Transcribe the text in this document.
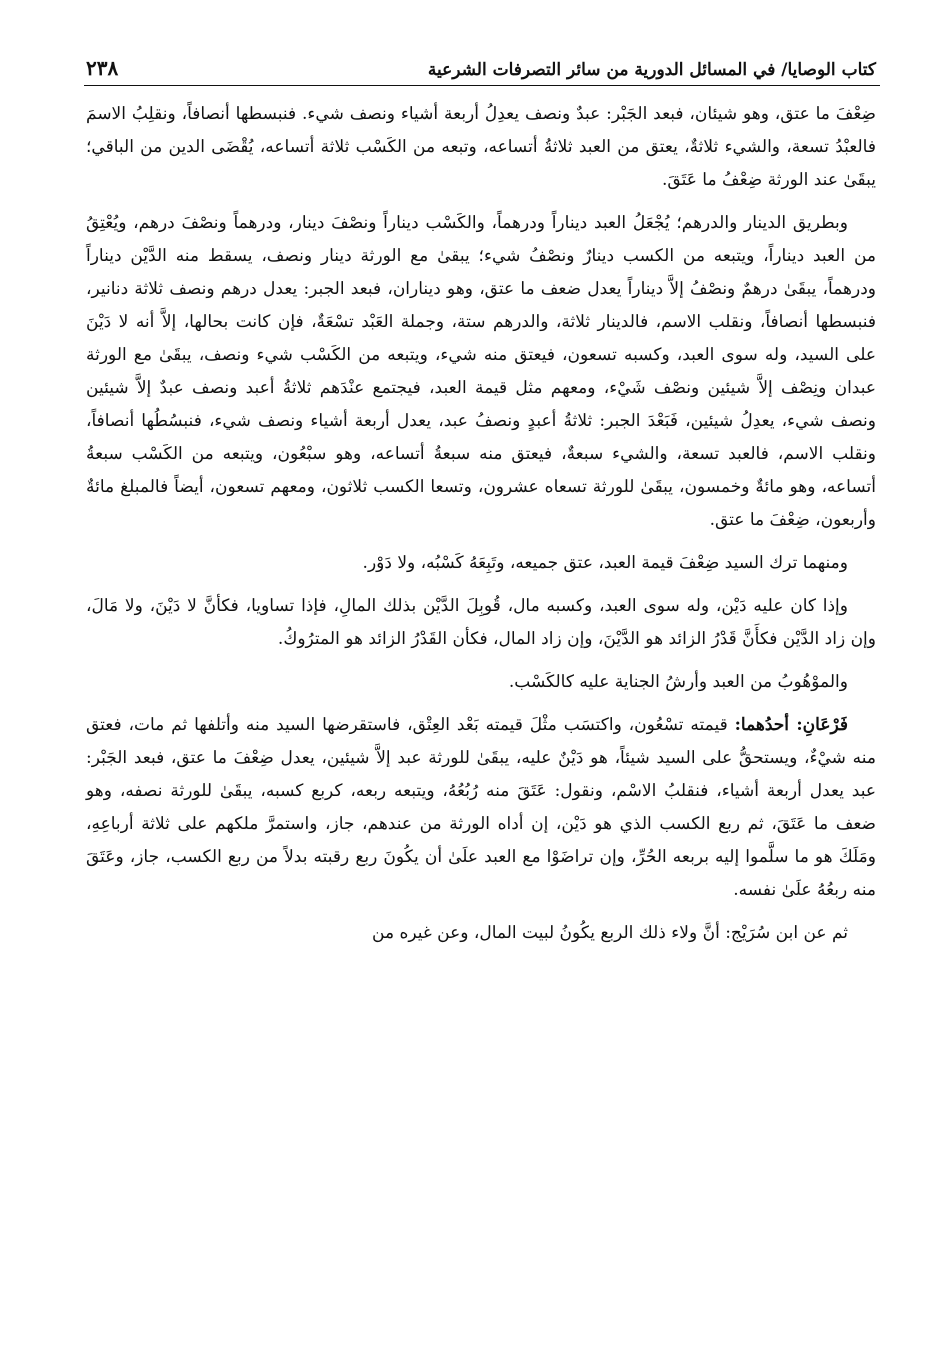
كتاب الوصايا/ في المسائل الدورية من سائر التصرفات الشرعية
٢٣٨

ضِعْفَ ما عتق، وهو شيئان، فبعد الجَبْر: عبدٌ ونصف يعدِلُ أربعة أشياء ونصف شيء. فنبسطها أنصافاً، ونقلِبُ الاسمَ فالعبْدُ تسعة، والشيء ثلاثةٌ، يعتق من العبد ثلاثةُ أتساعه، وتبعه من الكَسْب ثلاثة أتساعه، يُقْضَى الدين من الباقي؛ يبقَىٰ عند الورثة ضِعْفُ ما عَتَقَ.

وبطريق الدينار والدرهم؛ يُجْعَلُ العبد ديناراً ودرهماً، والكَسْب ديناراً ونصْفَ دينار، ودرهماً ونصْفَ درهم، ويُعْتِقُ من العبد ديناراً، ويتبعه من الكسب دينارٌ ونصْفُ شيء؛ يبقىٰ مع الورثة دينار ونصف، يسقط منه الدَّيْن ديناراً ودرهماً، يبقَىٰ درهمٌ ونصْفُ إلاَّ ديناراً يعدل ضعف ما عتق، وهو ديناران، فبعد الجبر: يعدل درهم ونصف ثلاثة دنانير، فنبسطها أنصافاً، ونقلب الاسم، فالدينار ثلاثة، والدرهم ستة، وجملة العَبْد تسْعَةٌ، فإن كانت بحالها، إلاَّ أنه لا دَيْنَ على السيد، وله سوى العبد، وكسبه تسعون، فيعتق منه شيء، ويتبعه من الكَسْب شيء ونصف، يبقَىٰ مع الورثة عبدان ونِصْف إلاَّ شيئين ونصْف شَيْء، ومعهم مثل قيمة العبد، فيجتمع عنْدَهم ثلاثةُ أعبد ونصف عبدٌ إلاَّ شيئين ونصف شيء، يعدِلُ شيئين، فَبَعْدَ الجبر: ثلاثةُ أعبدٍ ونصفُ عبد، يعدل أربعة أشياء ونصف شيء، فنبسُطُها أنصافاً، ونقلب الاسم، فالعبد تسعة، والشيء سبعةٌ، فيعتق منه سبعةُ أتساعه، وهو سبْعُون، ويتبعه من الكَسْب سبعةُ أتساعه، وهو مائةٌ وخمسون، يبقَىٰ للورثة تسعاه عشرون، وتسعا الكسب ثلاثون، ومعهم تسعون، أيضاً فالمبلغ مائةٌ وأربعون، ضِعْفَ ما عتق.

ومنهما ترك السيد ضِعْفَ قيمة العبد، عتق جميعه، وتَبِعَهُ كَسْبُه، ولا دَوْر.

وإذا كان عليه دَيْن، وله سوى العبد، وكسبه مال، قُوبِلَ الدَّيْن بذلك المالِ، فإذا تساويا، فكأنَّ لا دَيْنَ، ولا مَالَ، وإن زاد الدَّيْن فكأَنَّ قَدْرُ الزائد هو الدَّيْنَ، وإن زاد المال، فكأن القَدْرُ الزائد هو المترُوكُ.

والموْهُوبُ من العبد وأرشُ الجناية عليه كالكَسْب.

فَرْعَانِ: أحدُهما: قيمته تسْعُون، واكتسَب مثْلَ قيمته بَعْد العِتْق، فاستقرضها السيد منه وأتلفها ثم مات، فعتق منه شيْءٌ، ويستحقُّ على السيد شيئاً، هو دَيْنٌ عليه، يبقَىٰ للورثة عبد إلاَّ شيئين، يعدل ضِعْفَ ما عتق، فبعد الجَبْر: عبد يعدل أربعة أشياء، فنقلبُ الاسْم، ونقول: عَتَقَ منه رُبُعُهُ، ويتبعه ربعه، كربع كسبه، يبقَىٰ للورثة نصفه، وهو ضعف ما عَتَقَ، ثم ربع الكسب الذي هو دَيْن، إن أداه الورثة من عندهم، جاز، واستمرَّ ملكهم على ثلاثة أرباعِهِ، ومَلَكَ هو ما سلَّموا إليه بربعه الحُرِّ، وإن تراضَوْا مع العبد علَىٰ أن يكُونَ ربع رقبته بدلاً من ربع الكسب، جاز، وعَتَقَ منه ربعُهُ علَىٰ نفسه.

ثم عن ابن سُرَيْج: أنَّ ولاء ذلك الربع يكُونُ لبيت المال، وعن غيره من
